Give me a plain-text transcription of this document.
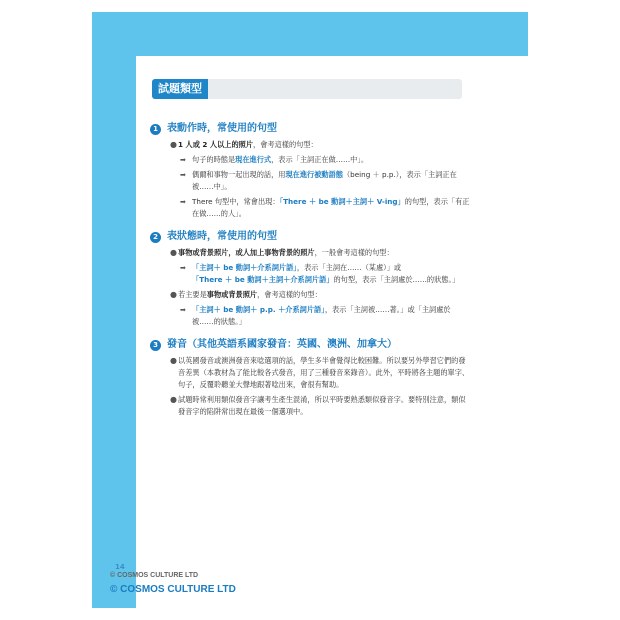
試題類型
1 表動作時，常使用的句型
● 1 人或 2 人以上的照片，會考這樣的句型：
➡ 句子的時態是現在進行式，表示「主詞正在做……中」。
➡ 偶爾和事物一起出現的話，用現在進行被動語態（being ＋ p.p.），表示「主詞正在被……中」。
➡ There 句型中，常會出現：「There ＋ be 動詞＋主詞＋ V-ing」的句型，表示「有正在做……的人」。
2 表狀態時，常使用的句型
● 事物或背景照片，或人加上事物背景的照片，一般會考這樣的句型：
➡ 「主詞＋ be 動詞＋介系詞片語」，表示「主詞在……（某處）」或
「There ＋ be 動詞＋主詞＋介系詞片語」的句型，表示「主詞處於……的狀態。」
● 若主要是事物或背景照片，會考這樣的句型：
➡ 「主詞＋ be 動詞＋ p.p. ＋介系詞片語」，表示「主詞被……著。」或「主詞處於被……的狀態。」
3 發音（其他英語系國家發音：英國、澳洲、加拿大）
● 以英國發音或澳洲發音來唸選項的話，學生多半會覺得比較困難。所以要另外學習它們的發音差異（本教材為了能比較各式發音，用了三種發音來錄音）。此外，平時將各主題的單字、句子，反覆聆聽並大聲地跟著唸出來，會很有幫助。
● 試題時常利用類似發音字讓考生產生混淆，所以平時要熟悉類似發音字。要特別注意，類似發音字的陷阱常出現在最後一個選項中。
14
© COSMOS CULTURE LTD
© COSMOS CULTURE LTD
